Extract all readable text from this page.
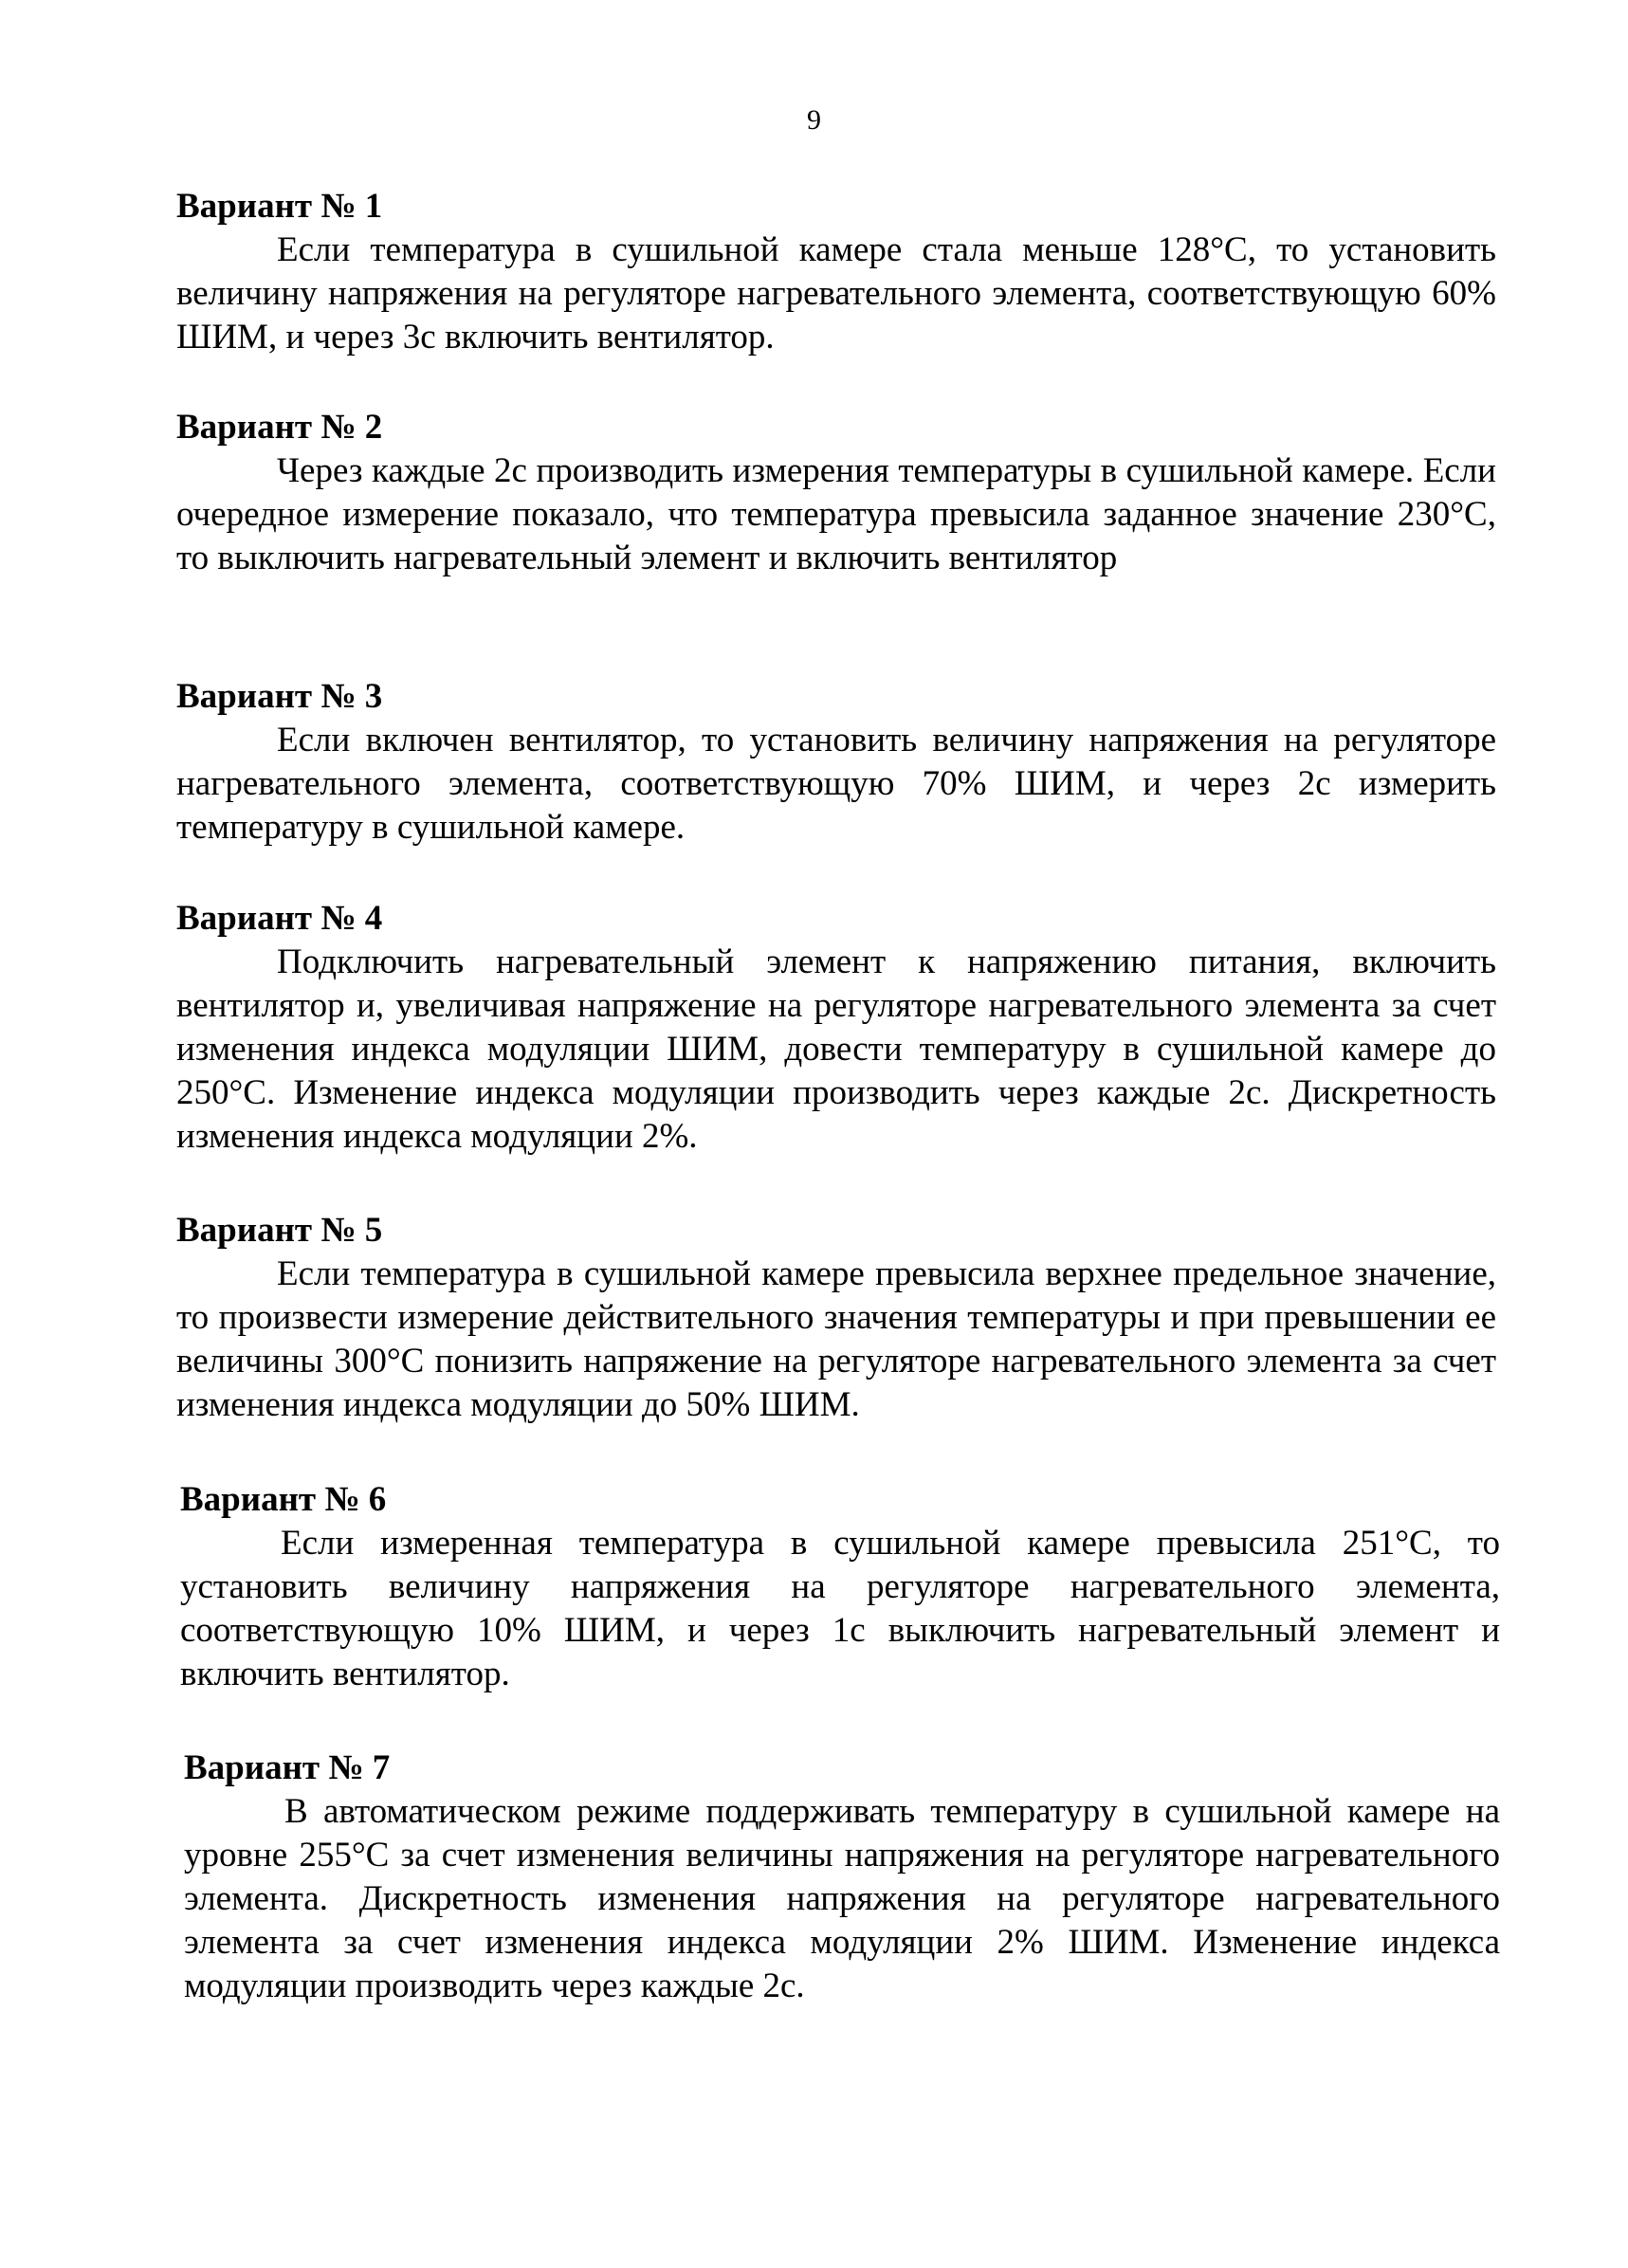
9
Вариант № 1

Если температура в сушильной камере стала меньше 128°С, то установить величину напряжения на регуляторе нагревательного элемента, соответствующую 60% ШИМ, и через 3с включить вентилятор.

Вариант № 2

Через каждые 2с производить измерения температуры в сушильной камере. Если очередное измерение показало, что температура превысила заданное значение 230°С, то выключить нагревательный элемент и включить вентилятор

Вариант № 3

Если включен вентилятор, то установить величину напряжения на регуляторе нагревательного элемента, соответствующую 70% ШИМ, и через 2с измерить температуру в сушильной камере.

Вариант № 4

Подключить нагревательный элемент к напряжению питания, включить вентилятор и, увеличивая напряжение на регуляторе нагревательного элемента за счет изменения индекса модуляции ШИМ, довести температуру в сушильной камере до 250°С. Изменение индекса модуляции производить через каждые 2с. Дискретность изменения индекса модуляции 2%.

Вариант № 5

Если температура в сушильной камере превысила верхнее предельное значение, то произвести измерение действительного значения температуры и при превышении ее величины 300°С понизить напряжение на регуляторе нагревательного элемента за счет изменения индекса модуляции до 50% ШИМ.

Вариант № 6

Если измеренная температура в сушильной камере превысила 251°С, то установить величину напряжения на регуляторе нагревательного элемента, соответствующую 10% ШИМ, и через 1с выключить нагревательный элемент и включить вентилятор.

Вариант № 7

В автоматическом режиме поддерживать температуру в сушильной камере на уровне 255°С за счет изменения величины напряжения на регуляторе нагревательного элемента. Дискретность изменения напряжения на регуляторе нагревательного элемента за счет изменения индекса модуляции 2% ШИМ. Изменение индекса модуляции производить через каждые 2с.
